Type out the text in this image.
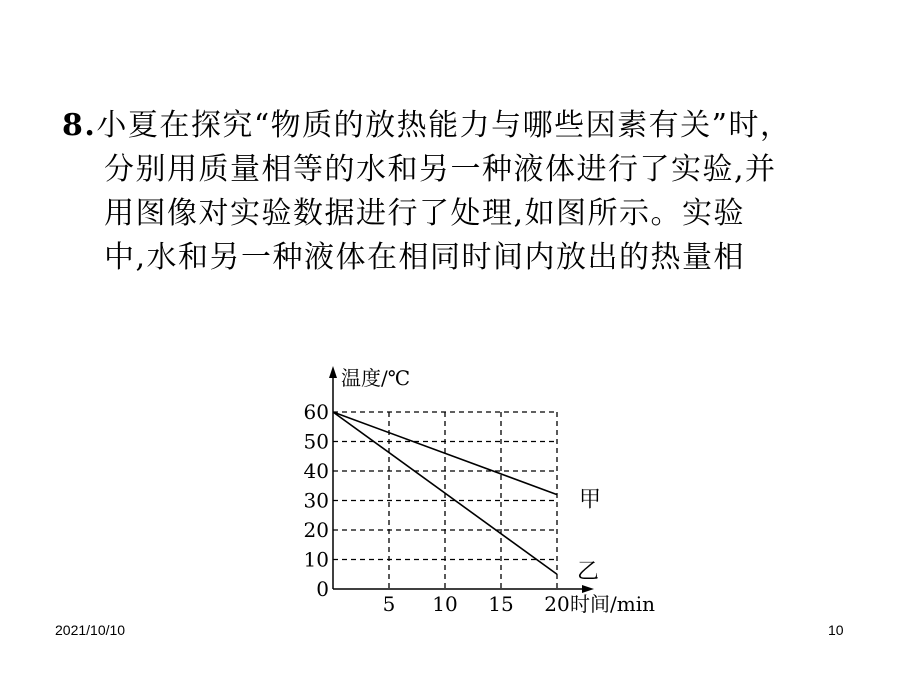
8.小夏在探究“物质的放热能力与哪些因素有关”时，
分别用质量相等的水和另一种液体进行了实验,并
用图像对实验数据进行了处理,如图所示。实验
中,水和另一种液体在相同时间内放出的热量相
0
10
20
30
40
50
60
5 10 15 20
甲
乙
温度/℃
时间/min
2021/10/10	10
